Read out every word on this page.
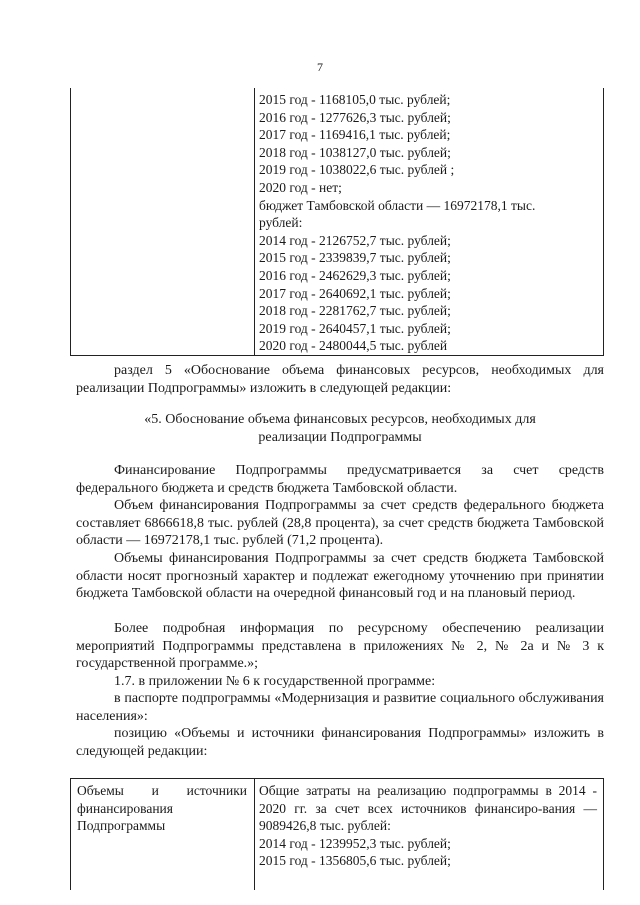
7
2015 год - 1168105,0 тыс. рублей;
2016 год - 1277626,3 тыс. рублей;
2017 год - 1169416,1 тыс. рублей;
2018 год - 1038127,0 тыс. рублей;
2019 год - 1038022,6 тыс. рублей ;
2020 год - нет;
бюджет Тамбовской области — 16972178,1 тыс.
рублей:
2014 год - 2126752,7 тыс. рублей;
2015 год - 2339839,7 тыс. рублей;
2016 год - 2462629,3 тыс. рублей;
2017 год - 2640692,1 тыс. рублей;
2018 год - 2281762,7 тыс. рублей;
2019 год - 2640457,1 тыс. рублей;
2020 год - 2480044,5 тыс. рублей

раздел 5 «Обоснование объема финансовых ресурсов, необходимых для реализации Подпрограммы» изложить в следующей редакции:

«5. Обоснование объема финансовых ресурсов, необходимых для реализации Подпрограммы

Финансирование Подпрограммы предусматривается за счет средств федерального бюджета и средств бюджета Тамбовской области.

Объем финансирования Подпрограммы за счет средств федерального бюджета составляет 6866618,8 тыс. рублей (28,8 процента), за счет средств бюджета Тамбовской области — 16972178,1 тыс. рублей (71,2 процента).

Объемы финансирования Подпрограммы за счет средств бюджета Тамбовской области носят прогнозный характер и подлежат ежегодному уточнению при принятии бюджета Тамбовской области на очередной финансовый год и на плановый период.

Более подробная информация по ресурсному обеспечению реализации мероприятий Подпрограммы представлена в приложениях № 2, № 2а и № 3 к государственной программе.»;

1.7. в приложении № 6 к государственной программе:

в паспорте подпрограммы «Модернизация и развитие социального обслуживания населения»:

позицию «Объемы и источники финансирования Подпрограммы» изложить в следующей редакции:

Объемы и источники
финансирования
Подпрограммы
Общие затраты на реализацию подпрограммы в 2014 - 2020 гг. за счет всех источников финансиро-вания — 9089426,8 тыс. рублей:
2014 год - 1239952,3 тыс. рублей;
2015 год - 1356805,6 тыс. рублей;
